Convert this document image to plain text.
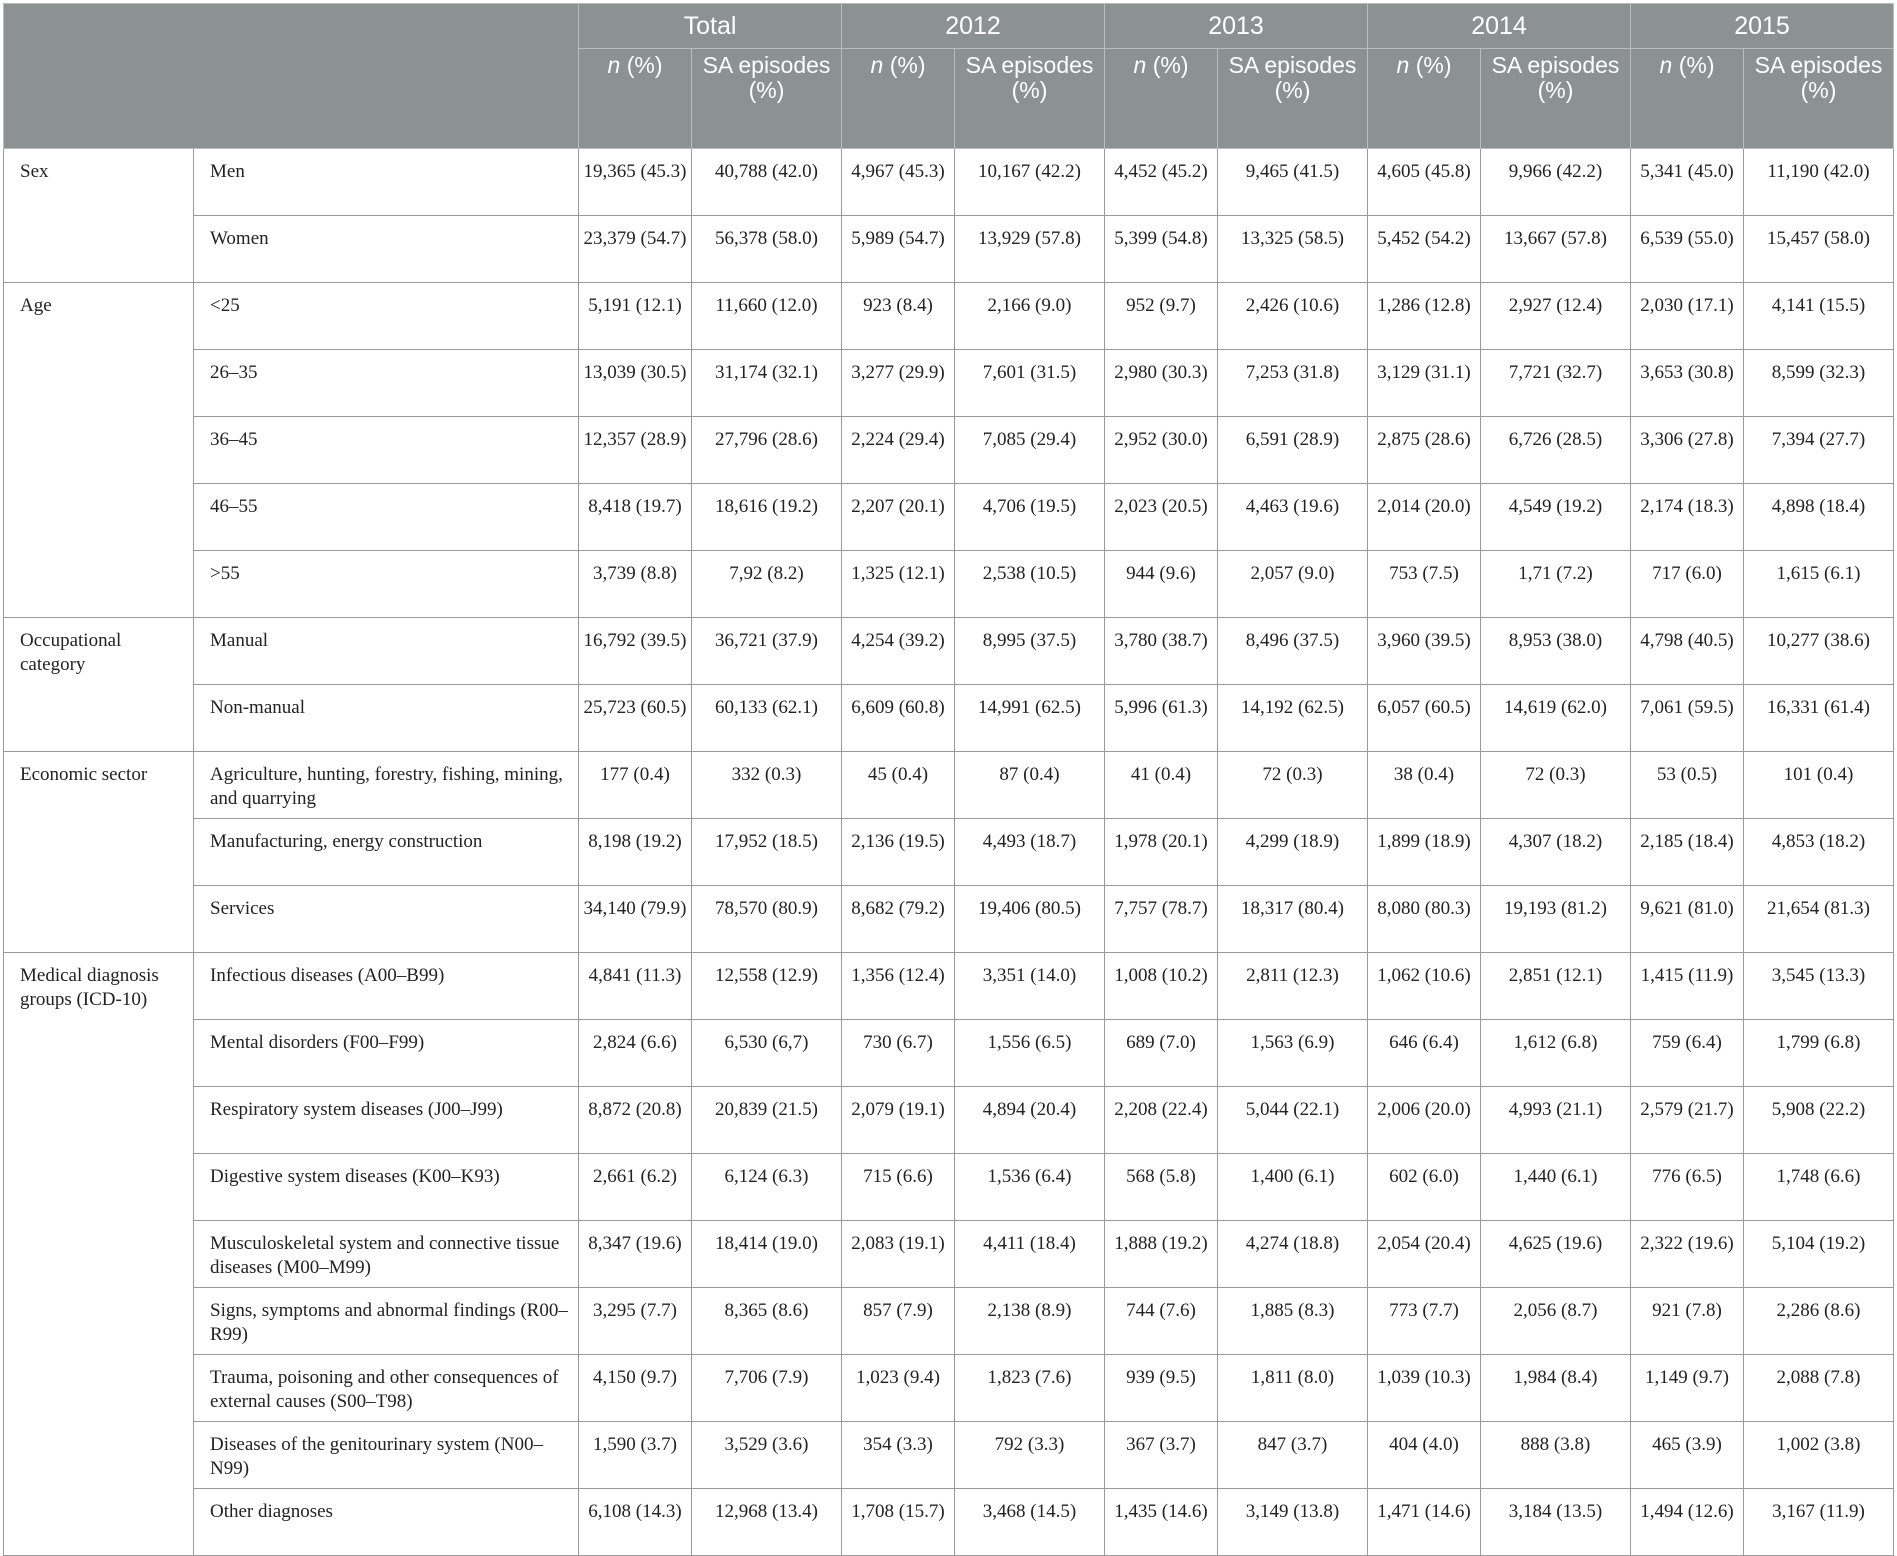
		Total		2012		2013		2014		2015	
		n (%)	SA episodes (%)	n (%)	SA episodes (%)	n (%)	SA episodes (%)	n (%)	SA episodes (%)	n (%)	SA episodes (%)
Sex	Men	19,365 (45.3)	40,788 (42.0)	4,967 (45.3)	10,167 (42.2)	4,452 (45.2)	9,465 (41.5)	4,605 (45.8)	9,966 (42.2)	5,341 (45.0)	11,190 (42.0)
	Women	23,379 (54.7)	56,378 (58.0)	5,989 (54.7)	13,929 (57.8)	5,399 (54.8)	13,325 (58.5)	5,452 (54.2)	13,667 (57.8)	6,539 (55.0)	15,457 (58.0)
Age	<25	5,191 (12.1)	11,660 (12.0)	923 (8.4)	2,166 (9.0)	952 (9.7)	2,426 (10.6)	1,286 (12.8)	2,927 (12.4)	2,030 (17.1)	4,141 (15.5)
	26–35	13,039 (30.5)	31,174 (32.1)	3,277 (29.9)	7,601 (31.5)	2,980 (30.3)	7,253 (31.8)	3,129 (31.1)	7,721 (32.7)	3,653 (30.8)	8,599 (32.3)
	36–45	12,357 (28.9)	27,796 (28.6)	2,224 (29.4)	7,085 (29.4)	2,952 (30.0)	6,591 (28.9)	2,875 (28.6)	6,726 (28.5)	3,306 (27.8)	7,394 (27.7)
	46–55	8,418 (19.7)	18,616 (19.2)	2,207 (20.1)	4,706 (19.5)	2,023 (20.5)	4,463 (19.6)	2,014 (20.0)	4,549 (19.2)	2,174 (18.3)	4,898 (18.4)
	>55	3,739 (8.8)	7,92 (8.2)	1,325 (12.1)	2,538 (10.5)	944 (9.6)	2,057 (9.0)	753 (7.5)	1,71 (7.2)	717 (6.0)	1,615 (6.1)
Occupational category	Manual	16,792 (39.5)	36,721 (37.9)	4,254 (39.2)	8,995 (37.5)	3,780 (38.7)	8,496 (37.5)	3,960 (39.5)	8,953 (38.0)	4,798 (40.5)	10,277 (38.6)
	Non-manual	25,723 (60.5)	60,133 (62.1)	6,609 (60.8)	14,991 (62.5)	5,996 (61.3)	14,192 (62.5)	6,057 (60.5)	14,619 (62.0)	7,061 (59.5)	16,331 (61.4)
Economic sector	Agriculture, hunting, forestry, fishing, mining, and quarrying	177 (0.4)	332 (0.3)	45 (0.4)	87 (0.4)	41 (0.4)	72 (0.3)	38 (0.4)	72 (0.3)	53 (0.5)	101 (0.4)
	Manufacturing, energy construction	8,198 (19.2)	17,952 (18.5)	2,136 (19.5)	4,493 (18.7)	1,978 (20.1)	4,299 (18.9)	1,899 (18.9)	4,307 (18.2)	2,185 (18.4)	4,853 (18.2)
	Services	34,140 (79.9)	78,570 (80.9)	8,682 (79.2)	19,406 (80.5)	7,757 (78.7)	18,317 (80.4)	8,080 (80.3)	19,193 (81.2)	9,621 (81.0)	21,654 (81.3)
Medical diagnosis groups (ICD-10)	Infectious diseases (A00–B99)	4,841 (11.3)	12,558 (12.9)	1,356 (12.4)	3,351 (14.0)	1,008 (10.2)	2,811 (12.3)	1,062 (10.6)	2,851 (12.1)	1,415 (11.9)	3,545 (13.3)
	Mental disorders (F00–F99)	2,824 (6.6)	6,530 (6,7)	730 (6.7)	1,556 (6.5)	689 (7.0)	1,563 (6.9)	646 (6.4)	1,612 (6.8)	759 (6.4)	1,799 (6.8)
	Respiratory system diseases (J00–J99)	8,872 (20.8)	20,839 (21.5)	2,079 (19.1)	4,894 (20.4)	2,208 (22.4)	5,044 (22.1)	2,006 (20.0)	4,993 (21.1)	2,579 (21.7)	5,908 (22.2)
	Digestive system diseases (K00–K93)	2,661 (6.2)	6,124 (6.3)	715 (6.6)	1,536 (6.4)	568 (5.8)	1,400 (6.1)	602 (6.0)	1,440 (6.1)	776 (6.5)	1,748 (6.6)
	Musculoskeletal system and connective tissue diseases (M00–M99)	8,347 (19.6)	18,414 (19.0)	2,083 (19.1)	4,411 (18.4)	1,888 (19.2)	4,274 (18.8)	2,054 (20.4)	4,625 (19.6)	2,322 (19.6)	5,104 (19.2)
	Signs, symptoms and abnormal findings (R00–R99)	3,295 (7.7)	8,365 (8.6)	857 (7.9)	2,138 (8.9)	744 (7.6)	1,885 (8.3)	773 (7.7)	2,056 (8.7)	921 (7.8)	2,286 (8.6)
	Trauma, poisoning and other consequences of external causes (S00–T98)	4,150 (9.7)	7,706 (7.9)	1,023 (9.4)	1,823 (7.6)	939 (9.5)	1,811 (8.0)	1,039 (10.3)	1,984 (8.4)	1,149 (9.7)	2,088 (7.8)
	Diseases of the genitourinary system (N00–N99)	1,590 (3.7)	3,529 (3.6)	354 (3.3)	792 (3.3)	367 (3.7)	847 (3.7)	404 (4.0)	888 (3.8)	465 (3.9)	1,002 (3.8)
	Other diagnoses	6,108 (14.3)	12,968 (13.4)	1,708 (15.7)	3,468 (14.5)	1,435 (14.6)	3,149 (13.8)	1,471 (14.6)	3,184 (13.5)	1,494 (12.6)	3,167 (11.9)
